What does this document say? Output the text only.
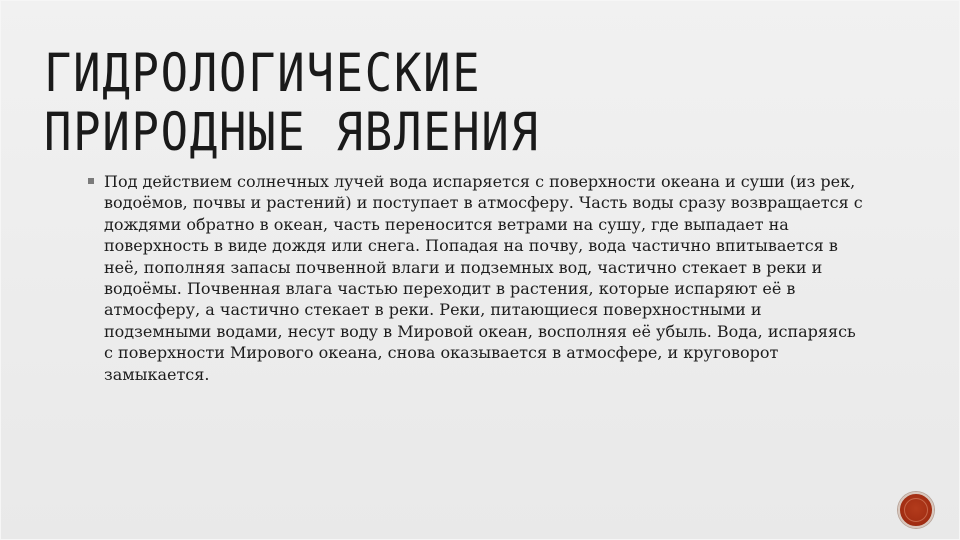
ГИДРОЛОГИЧЕСКИЕ
ПРИРОДНЫЕ ЯВЛЕНИЯ
Под действием солнечных лучей вода испаряется с поверхности океана и суши (из рек, водоёмов, почвы и растений) и поступает в атмосферу. Часть воды сразу возвращается с дождями обратно в океан, часть переносится ветрами на сушу, где выпадает на поверхность в виде дождя или снега. Попадая на почву, вода частично впитывается в неё, пополняя запасы почвенной влаги и подземных вод, частично стекает в реки и водоёмы. Почвенная влага частью переходит в растения, которые испаряют её в атмосферу, а частично стекает в реки. Реки, питающиеся поверхностными и подземными водами, несут воду в Мировой океан, восполняя её убыль. Вода, испаряясь с поверхности Мирового океана, снова оказывается в атмосфере, и круговорот замыкается.
